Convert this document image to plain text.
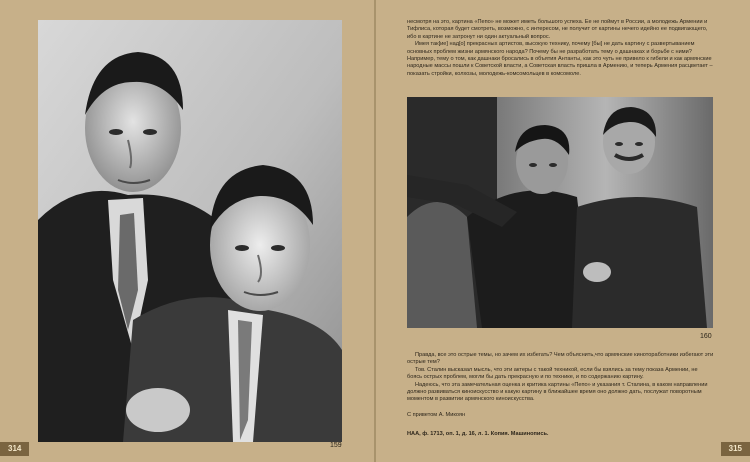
159
160

несмотря на это, картина «Пепо» не может иметь большого успеха. Ее не поймут в России, а молодежь Армении и Тифлиса, которая будет смотреть, возможно, с интересом, не получит от картины нечего идейно ее подвигающего, ибо в картине не затронут ни один актуальный вопрос.

Имея так[ие] над[о] прекрасных артистов, высокую технику, почему [бы] не дать картину с развертыванием основных проблем жизни армянского народа? Почему бы не разработать тему о дашнаках и борьбе с ними? Например, тему о том, как дашнаки бросались в объятия Антанты, как это чуть не привело к гибели и как армянские народные массы пошли к Советской власти, а Советская власть пришла в Армению, и теперь Армения расцветает – показать стройки, колхозы, молодежь-комсомольцев в комсомоле.

Правда, все это острые темы, но зачем их избегать? Чем объяснить,что армянские кинотоработники избегают эти острые тем?

Тов. Сталин высказал мысль, что эти актеры с такой техникой, если бы взялись за тему показа Армении, не боясь острых проблем, могли бы дать прекрасную и по технике, и по содержанию картину.

Надеюсь, что эта замечательная оценка и критика картины «Пепо» и указания т. Сталина, в каком направлении должно развиваться киноискусство и какую картину в ближайшее время оно должно дать, послужат поворотным моментом в развитии армянского киноискусства.

С приветом А. Микоян
НАА, ф. 1713, оп. 1, д. 16, л. 1. Копия. Машинопись.
314	315
